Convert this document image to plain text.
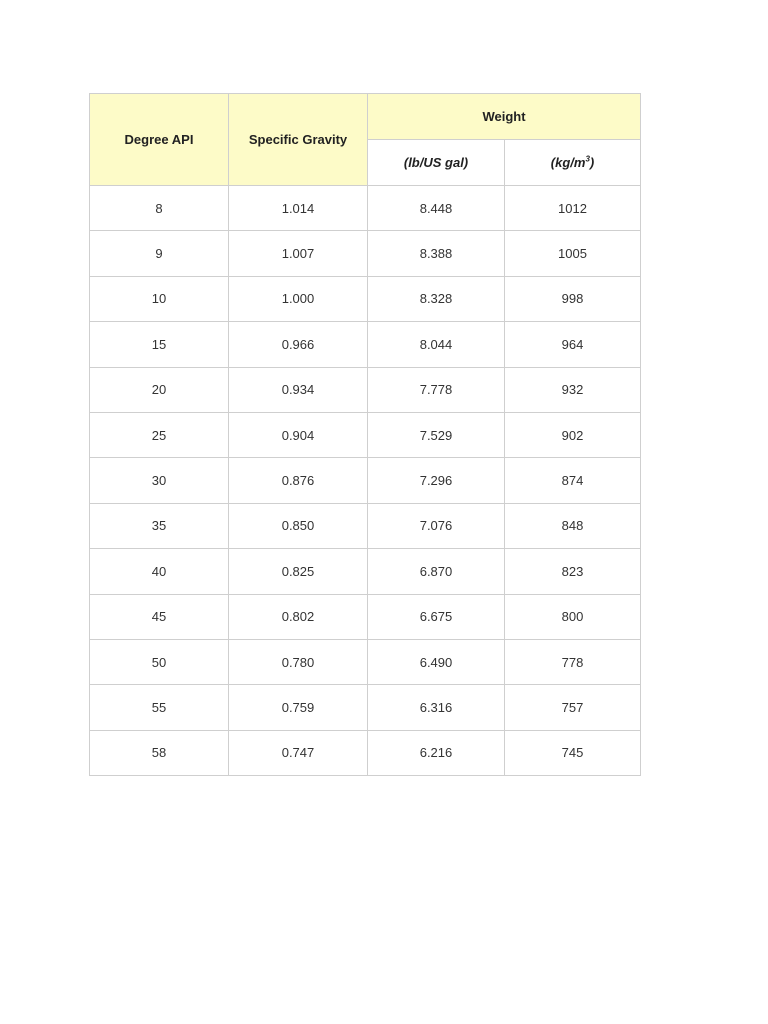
Degree API	Specific Gravity	Weight	
		(lb/US gal)	$(kg/m^3)$
8	1.014	8.448	1012
9	1.007	8.388	1005
10	1.000	8.328	998
15	0.966	8.044	964
20	0.934	7.778	932
25	0.904	7.529	902
30	0.876	7.296	874
35	0.850	7.076	848
40	0.825	6.870	823
45	0.802	6.675	800
50	0.780	6.490	778
55	0.759	6.316	757
58	0.747	6.216	745
